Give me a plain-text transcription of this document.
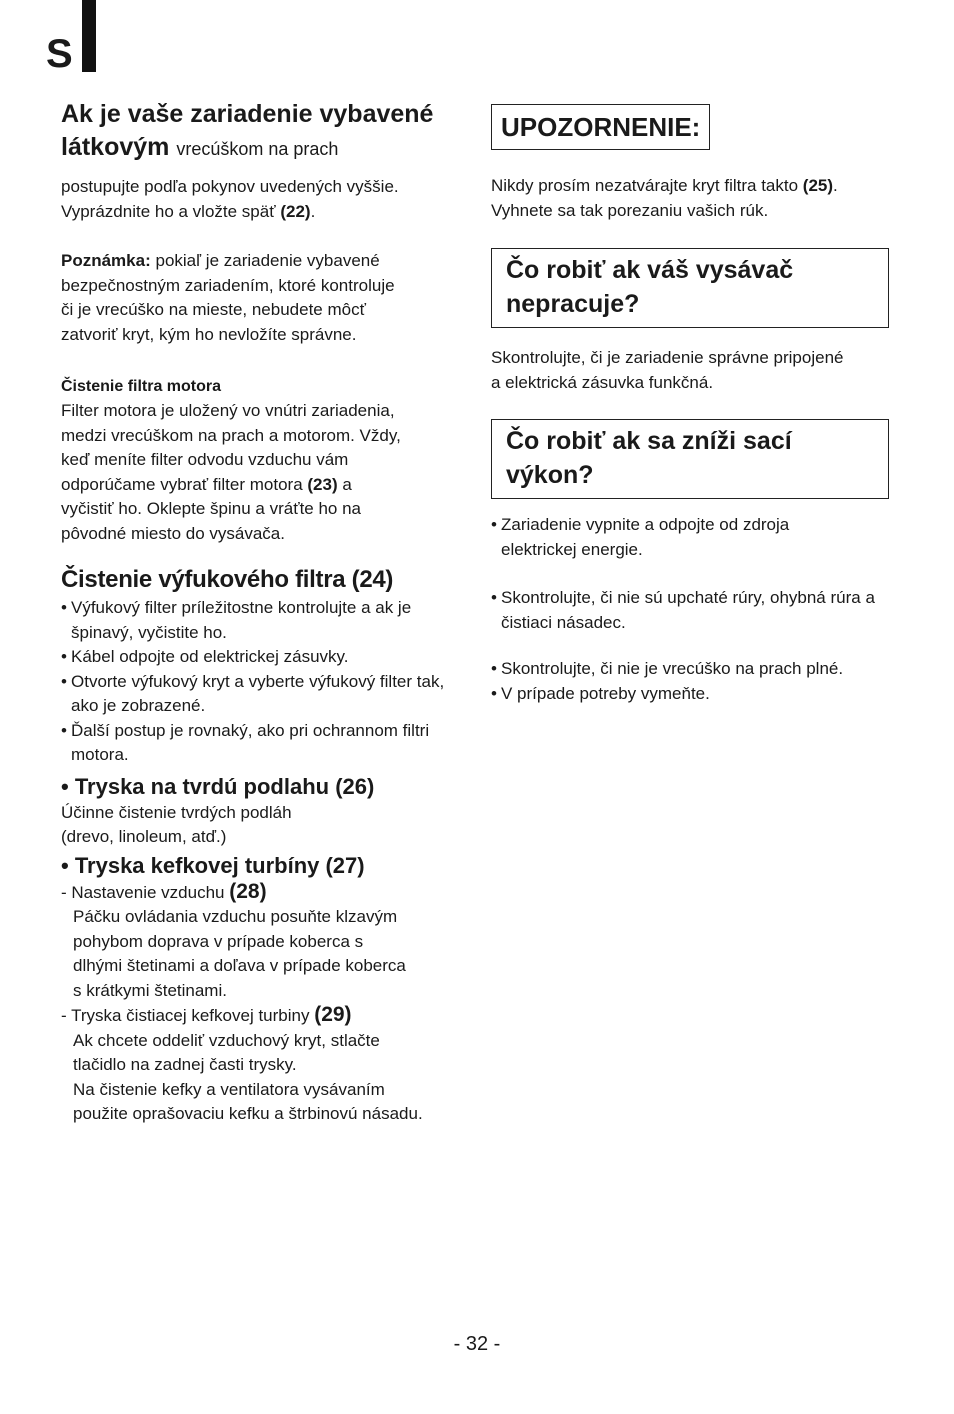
S

Ak je vaše zariadenie vybavené
látkovým vrecúškom na prach

postupujte podľa pokynov uvedených vyššie.
Vyprázdnite ho a vložte späť (22).

Poznámka: pokiaľ je zariadenie vybavené
bezpečnostným zariadením, ktoré kontroluje
či je vrecúško na mieste, nebudete môcť
zatvoriť kryt, kým ho nevložíte správne.

Čistenie filtra motora

Filter motora je uložený vo vnútri zariadenia,
medzi vrecúškom na prach a motorom. Vždy,
keď meníte filter odvodu vzduchu vám
odporúčame vybrať filter motora (23) a
vyčistiť ho. Oklepte špinu a vráťte ho na
pôvodné miesto do vysávača.

Čistenie výfukového filtra (24)

• Výfukový filter príležitostne kontrolujte a ak je špinavý, vyčistite ho.
• Kábel odpojte od elektrickej zásuvky.
• Otvorte výfukový kryt a vyberte výfukový filter tak, ako je zobrazené.
• Ďalší postup je rovnaký, ako pri ochrannom filtri motora.

• Tryska na tvrdú podlahu (26)

Účinne čistenie tvrdých podláh
(drevo, linoleum, atď.)

• Tryska kefkovej turbíny (27)

- Nastavenie vzduchu (28)

Páčku ovládania vzduchu posuňte klzavým
pohybom doprava v prípade koberca s
dlhými štetinami a doľava v prípade koberca
s krátkymi štetinami.

- Tryska čistiacej kefkovej turbiny (29)

Ak chcete oddeliť vzduchový kryt, stlačte
tlačidlo na zadnej časti trysky.
Na čistenie kefky a ventilatora vysávaním
použite oprašovaciu kefku a štrbinovú násadu.

UPOZORNENIE:

Nikdy prosím nezatvárajte kryt filtra takto (25).
Vyhnete sa tak porezaniu vašich rúk.

Čo robiť ak váš vysávač
nepracuje?

Skontrolujte, či je zariadenie správne pripojené
a elektrická zásuvka funkčná.

Čo robiť ak sa zníži sací
výkon?

• Zariadenie vypnite a odpojte od zdroja elektrickej energie.
• Skontrolujte, či nie sú upchaté rúry, ohybná rúra a čistiaci násadec.
• Skontrolujte, či nie je vrecúško na prach plné.
• V prípade potreby vymeňte.
- 32 -
